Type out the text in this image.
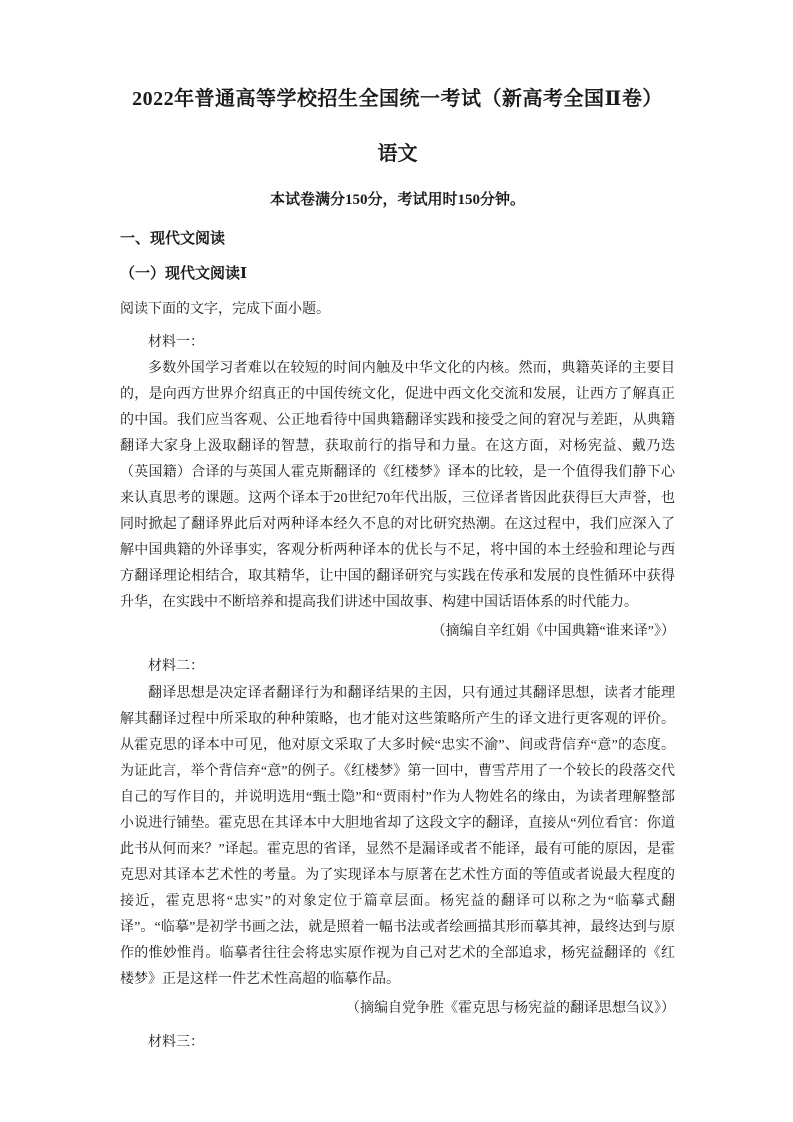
2022年普通高等学校招生全国统一考试（新高考全国Ⅱ卷）
语文

本试卷满分150分，考试用时150分钟。

一、现代文阅读

（一）现代文阅读Ⅰ

阅读下面的文字，完成下面小题。

材料一：

多数外国学习者难以在较短的时间内触及中华文化的内核。然而，典籍英译的主要目的，是向西方世界介绍真正的中国传统文化，促进中西文化交流和发展，让西方了解真正的中国。我们应当客观、公正地看待中国典籍翻译实践和接受之间的窘况与差距，从典籍翻译大家身上汲取翻译的智慧，获取前行的指导和力量。在这方面，对杨宪益、戴乃迭（英国籍）合译的与英国人霍克斯翻译的《红楼梦》译本的比较，是一个值得我们静下心来认真思考的课题。这两个译本于20世纪70年代出版，三位译者皆因此获得巨大声誉，也同时掀起了翻译界此后对两种译本经久不息的对比研究热潮。在这过程中，我们应深入了解中国典籍的外译事实，客观分析两种译本的优长与不足，将中国的本土经验和理论与西方翻译理论相结合，取其精华，让中国的翻译研究与实践在传承和发展的良性循环中获得升华，在实践中不断培养和提高我们讲述中国故事、构建中国话语体系的时代能力。

（摘编自辛红娟《中国典籍“谁来译”》）

材料二：

翻译思想是决定译者翻译行为和翻译结果的主因，只有通过其翻译思想，读者才能理解其翻译过程中所采取的种种策略，也才能对这些策略所产生的译文进行更客观的评价。从霍克思的译本中可见，他对原文采取了大多时候“忠实不渝”、间或背信弃“意”的态度。为证此言，举个背信弃“意”的例子。《红楼梦》第一回中，曹雪芹用了一个较长的段落交代自己的写作目的，并说明选用“甄士隐”和“贾雨村”作为人物姓名的缘由，为读者理解整部小说进行铺垫。霍克思在其译本中大胆地省却了这段文字的翻译，直接从“列位看官：你道此书从何而来？”译起。霍克思的省译，显然不是漏译或者不能译，最有可能的原因，是霍克思对其译本艺术性的考量。为了实现译本与原著在艺术性方面的等值或者说最大程度的接近，霍克思将“忠实”的对象定位于篇章层面。杨宪益的翻译可以称之为“临摹式翻译”。“临摹”是初学书画之法，就是照着一幅书法或者绘画描其形而摹其神，最终达到与原作的惟妙惟肖。临摹者往往会将忠实原作视为自己对艺术的全部追求，杨宪益翻译的《红楼梦》正是这样一件艺术性高超的临摹作品。

（摘编自党争胜《霍克思与杨宪益的翻译思想刍议》）

材料三：
